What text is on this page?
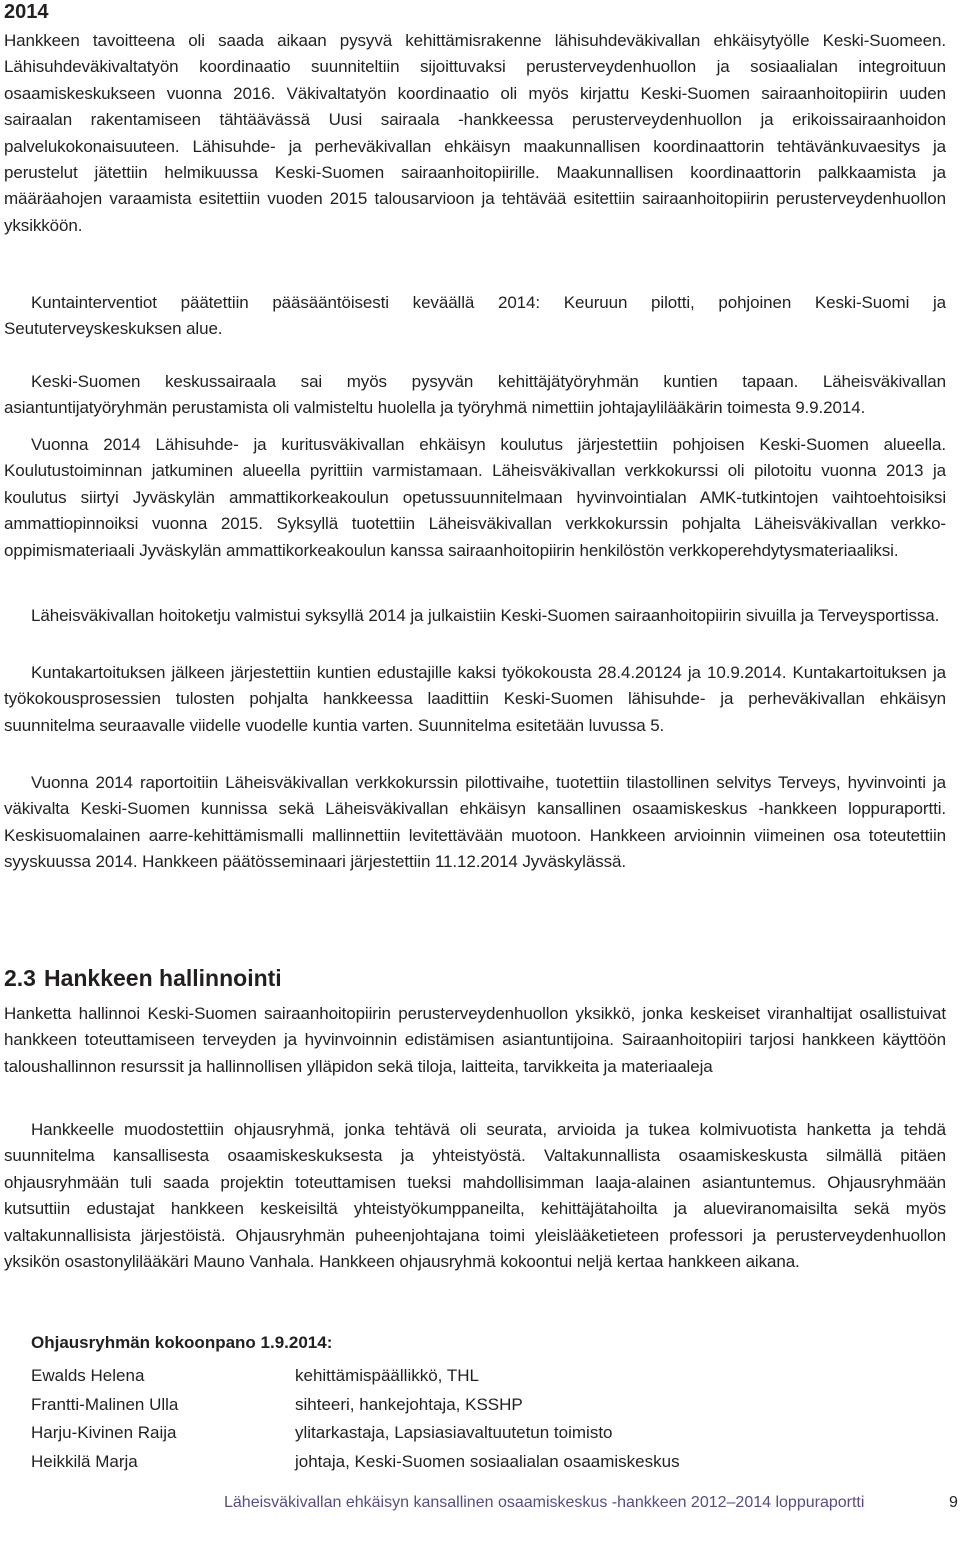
2014

Hankkeen tavoitteena oli saada aikaan pysyvä kehittämisrakenne lähisuhdeväkivallan ehkäisytyölle Keski-Suomeen. Lähisuhdeväkivaltatyön koordinaatio suunniteltiin sijoittuvaksi perusterveydenhuollon ja sosiaalialan integroituun osaamiskeskukseen vuonna 2016. Väkivaltatyön koordinaatio oli myös kirjattu Keski-Suomen sairaanhoitopiirin uuden sairaalan rakentamiseen tähtäävässä Uusi sairaala -hankkeessa perusterveydenhuollon ja erikoissairaanhoidon palvelukokonaisuuteen. Lähisuhde- ja perheväkivallan ehkäisyn maakunnallisen koordinaattorin tehtävänkuvaesitys ja perustelut jätettiin helmikuussa Keski-Suomen sairaanhoitopiirille. Maakunnallisen koordinaattorin palkkaamista ja määräahojen varaamista esitettiin vuoden 2015 talousarvioon ja tehtävää esitettiin sairaanhoitopiirin perusterveydenhuollon yksikköön.

Kuntainterventiot päätettiin pääsääntöisesti keväällä 2014: Keuruun pilotti, pohjoinen Keski-Suomi ja Seututerveyskeskuksen alue.

Keski-Suomen keskussairaala sai myös pysyvän kehittäjätyöryhmän kuntien tapaan. Läheisväkivallan asiantuntijatyöryhmän perustamista oli valmisteltu huolella ja työryhmä nimettiin johtajaylilääkärin toimesta 9.9.2014.

Vuonna 2014 Lähisuhde- ja kuritusväkivallan ehkäisyn koulutus järjestettiin pohjoisen Keski-Suomen alueella. Koulutustoiminnan jatkuminen alueella pyrittiin varmistamaan. Läheisväkivallan verkkokurssi oli pilotoitu vuonna 2013 ja koulutus siirtyi Jyväskylän ammattikorkeakoulun opetussuunnitelmaan hyvinvointialan AMK-tutkintojen vaihtoehtoisiksi ammattiopinnoiksi vuonna 2015. Syksyllä tuotettiin Läheisväkivallan verkkokurssin pohjalta Läheisväkivallan verkko-oppimismateriaali Jyväskylän ammattikorkeakoulun kanssa sairaanhoitopiirin henkilöstön verkkoperehdytysmateriaaliksi.

Läheisväkivallan hoitoketju valmistui syksyllä 2014 ja julkaistiin Keski-Suomen sairaanhoitopiirin sivuilla ja Terveysportissa.

Kuntakartoituksen jälkeen järjestettiin kuntien edustajille kaksi työkokousta 28.4.20124 ja 10.9.2014. Kuntakartoituksen ja työkokousprosessien tulosten pohjalta hankkeessa laadittiin Keski-Suomen lähisuhde- ja perheväkivallan ehkäisyn suunnitelma seuraavalle viidelle vuodelle kuntia varten. Suunnitelma esitetään luvussa 5.

Vuonna 2014 raportoitiin Läheisväkivallan verkkokurssin pilottivaihe, tuotettiin tilastollinen selvitys Terveys, hyvinvointi ja väkivalta Keski-Suomen kunnissa sekä Läheisväkivallan ehkäisyn kansallinen osaamiskeskus -hankkeen loppuraportti. Keskisuomalainen aarre-kehittämismalli mallinnettiin levitettävään muotoon. Hankkeen arvioinnin viimeinen osa toteutettiin syyskuussa 2014. Hankkeen päätösseminaari järjestettiin 11.12.2014 Jyväskylässä.

2.3 Hankkeen hallinnointi

Hanketta hallinnoi Keski-Suomen sairaanhoitopiirin perusterveydenhuollon yksikkö, jonka keskeiset viranhaltijat osallistuivat hankkeen toteuttamiseen terveyden ja hyvinvoinnin edistämisen asiantuntijoina. Sairaanhoitopiiri tarjosi hankkeen käyttöön taloushallinnon resurssit ja hallinnollisen ylläpidon sekä tiloja, laitteita, tarvikkeita ja materiaaleja

Hankkeelle muodostettiin ohjausryhmä, jonka tehtävä oli seurata, arvioida ja tukea kolmivuotista hanketta ja tehdä suunnitelma kansallisesta osaamiskeskuksesta ja yhteistyöstä. Valtakunnallista osaamiskeskusta silmällä pitäen ohjausryhmään tuli saada projektin toteuttamisen tueksi mahdollisimman laaja-alainen asiantuntemus. Ohjausryhmään kutsuttiin edustajat hankkeen keskeisiltä yhteistyökumppaneilta, kehittäjätahoilta ja alueviranomaisilta sekä myös valtakunnallisista järjestöistä. Ohjausryhmän puheenjohtajana toimi yleislääketieteen professori ja perusterveydenhuollon yksikön osastonylilääkäri Mauno Vanhala. Hankkeen ohjausryhmä kokoontui neljä kertaa hankkeen aikana.

Ohjausryhmän kokoonpano 1.9.2014:
Ewalds Helena	kehittämispäällikkö, THL
Frantti-Malinen Ulla	sihteeri, hankejohtaja, KSSHP
Harju-Kivinen Raija	ylitarkastaja, Lapsiasiavaltuutetun toimisto
Heikkilä Marja	johtaja, Keski-Suomen sosiaalialan osaamiskeskus
Läheisväkivallan ehkäisyn kansallinen osaamiskeskus -hankkeen 2012–2014 loppuraportti	9
